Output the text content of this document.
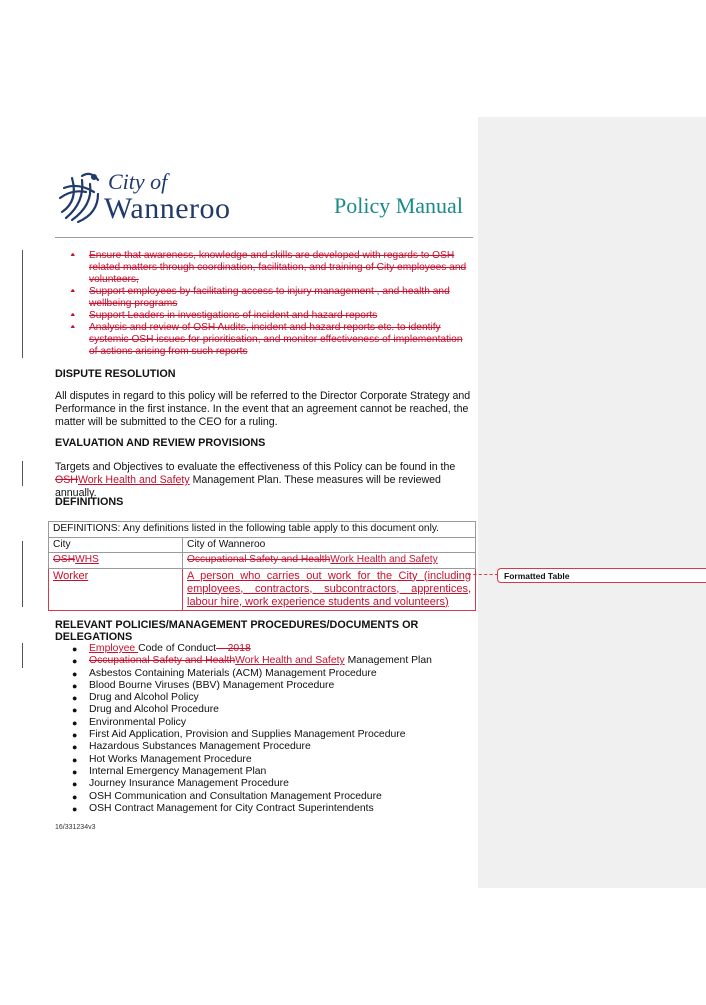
City of
Wanneroo	Policy Manual
• Ensure that awareness, knowledge and skills are developed with regards to OSH related matters through coordination, facilitation, and training of City employees and volunteers,
• Support employees by facilitating access to injury management , and health and wellbeing programs
• Support Leaders in investigations of incident and hazard reports
• Analysis and review of OSH Audits, incident and hazard reports etc. to identify systemic OSH issues for prioritisation, and monitor effectiveness of implementation of actions arising from such reports
DISPUTE RESOLUTION

All disputes in regard to this policy will be referred to the Director Corporate Strategy and Performance in the first instance. In the event that an agreement cannot be reached, the matter will be submitted to the CEO for a ruling.

EVALUATION AND REVIEW PROVISIONS

Targets and Objectives to evaluate the effectiveness of this Policy can be found in the OSHWork Health and Safety Management Plan. These measures will be reviewed annually.

DEFINITIONS
DEFINITIONS: Any definitions listed in the following table apply to this document only.	
City	City of Wanneroo
OSHWHS	Occupational Safety and HealthWork Health and Safety
Worker	A person who carries out work for the City (including employees, contractors, subcontractors, apprentices, labour hire, work experience students and volunteers)
Formatted Table
RELEVANT POLICIES/MANAGEMENT PROCEDURES/DOCUMENTS OR DELEGATIONS
● Employee Code of Conduct – 2018
● Occupational Safety and HealthWork Health and Safety Management Plan
● Asbestos Containing Materials (ACM) Management Procedure
● Blood Bourne Viruses (BBV) Management Procedure
● Drug and Alcohol Policy
● Drug and Alcohol Procedure
● Environmental Policy
● First Aid Application, Provision and Supplies Management Procedure
● Hazardous Substances Management Procedure
● Hot Works Management Procedure
● Internal Emergency Management Plan
● Journey Insurance Management Procedure
● OSH Communication and Consultation Management Procedure
● OSH Contract Management for City Contract Superintendents
16/331234v3
